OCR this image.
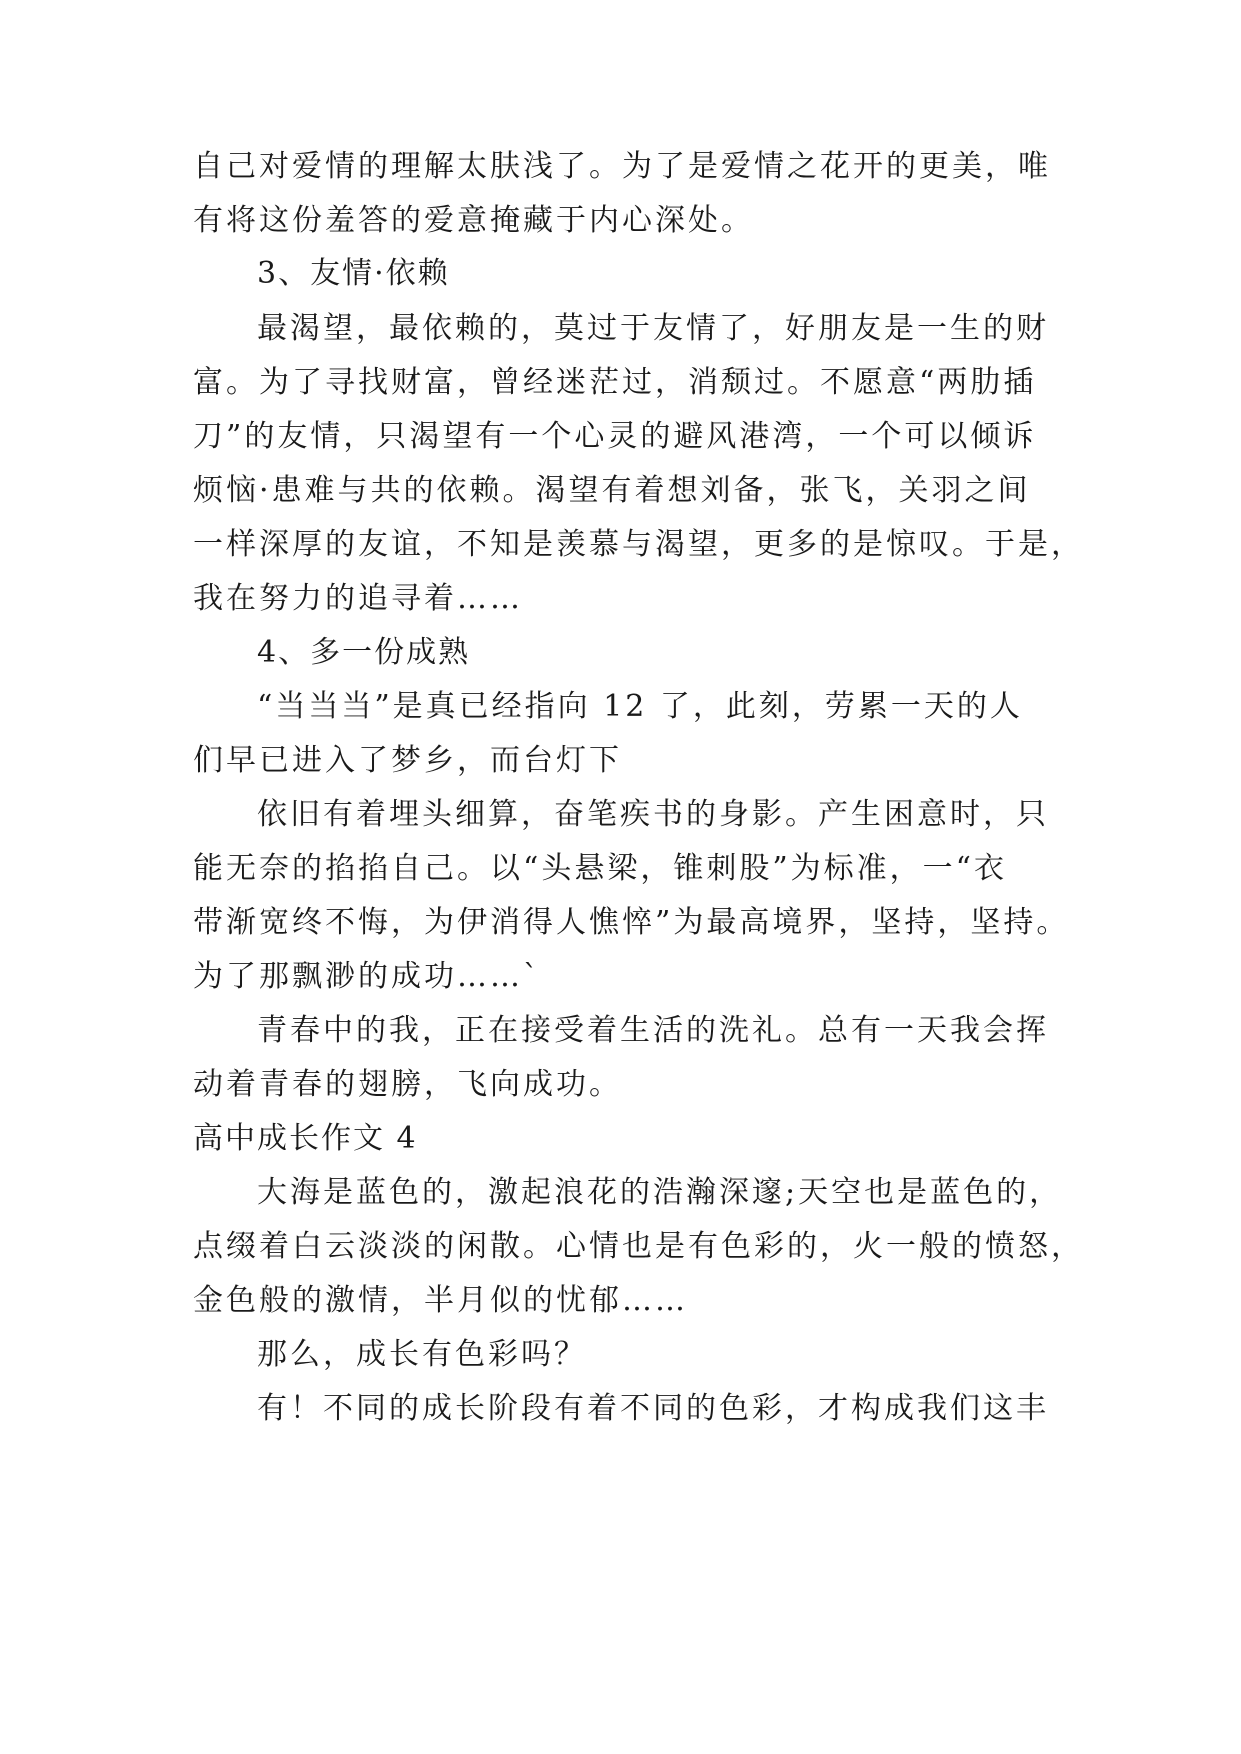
自己对爱情的理解太肤浅了。为了是爱情之花开的更美，唯
有将这份羞答的爱意掩藏于内心深处。
3、友情·依赖
最渴望，最依赖的，莫过于友情了，好朋友是一生的财
富。为了寻找财富，曾经迷茫过，消颓过。不愿意“两肋插
刀”的友情，只渴望有一个心灵的避风港湾，一个可以倾诉
烦恼·患难与共的依赖。渴望有着想刘备，张飞，关羽之间
一样深厚的友谊，不知是羡慕与渴望，更多的是惊叹。于是，
我在努力的追寻着……
4、多一份成熟
“当当当”是真已经指向 12 了，此刻，劳累一天的人
们早已进入了梦乡，而台灯下
依旧有着埋头细算，奋笔疾书的身影。产生困意时，只
能无奈的掐掐自己。以“头悬梁，锥刺股”为标准，一“衣
带渐宽终不悔，为伊消得人憔悴”为最高境界，坚持，坚持。
为了那飘渺的成功……`
青春中的我，正在接受着生活的洗礼。总有一天我会挥
动着青春的翅膀，飞向成功。
高中成长作文 4
大海是蓝色的，激起浪花的浩瀚深邃;天空也是蓝色的，
点缀着白云淡淡的闲散。心情也是有色彩的，火一般的愤怒，
金色般的激情，半月似的忧郁……
那么，成长有色彩吗？
有！不同的成长阶段有着不同的色彩，才构成我们这丰
